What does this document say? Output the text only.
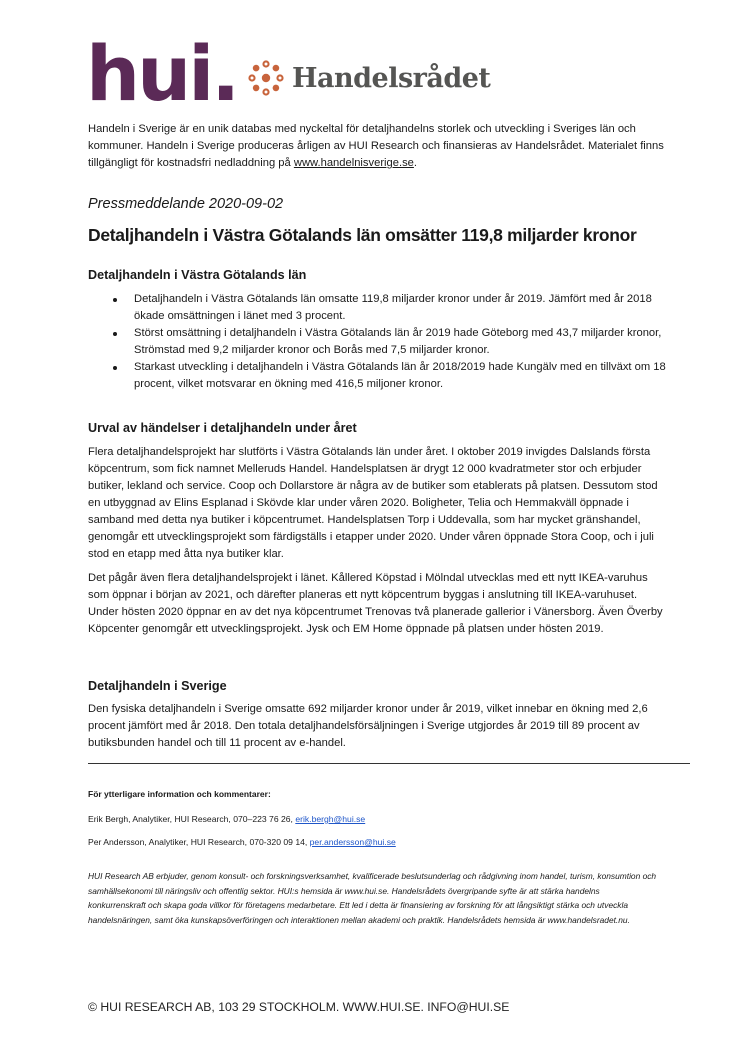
hui. Handelsrådet

Handeln i Sverige är en unik databas med nyckeltal för detaljhandelns storlek och utveckling i Sveriges län och kommuner. Handeln i Sverige produceras årligen av HUI Research och finansieras av Handelsrådet. Materialet finns tillgängligt för kostnadsfri nedladdning på www.handelnisverige.se.

Pressmeddelande 2020-09-02
Detaljhandeln i Västra Götalands län omsätter 119,8 miljarder kronor
Detaljhandeln i Västra Götalands län
Detaljhandeln i Västra Götalands län omsatte 119,8 miljarder kronor under år 2019. Jämfört med år 2018 ökade omsättningen i länet med 3 procent.
Störst omsättning i detaljhandeln i Västra Götalands län år 2019 hade Göteborg med 43,7 miljarder kronor, Strömstad med 9,2 miljarder kronor och Borås med 7,5 miljarder kronor.
Starkast utveckling i detaljhandeln i Västra Götalands län år 2018/2019 hade Kungälv med en tillväxt om 18 procent, vilket motsvarar en ökning med 416,5 miljoner kronor.
Urval av händelser i detaljhandeln under året

Flera detaljhandelsprojekt har slutförts i Västra Götalands län under året. I oktober 2019 invigdes Dalslands första köpcentrum, som fick namnet Melleruds Handel. Handelsplatsen är drygt 12 000 kvadratmeter stor och erbjuder butiker, lekland och service. Coop och Dollarstore är några av de butiker som etablerats på platsen. Dessutom stod en utbyggnad av Elins Esplanad i Skövde klar under våren 2020. Boligheter, Telia och Hemmakväll öppnade i samband med detta nya butiker i köpcentrumet. Handelsplatsen Torp i Uddevalla, som har mycket gränshandel, genomgår ett utvecklingsprojekt som färdigställs i etapper under 2020. Under våren öppnade Stora Coop, och i juli stod en etapp med åtta nya butiker klar.

Det pågår även flera detaljhandelsprojekt i länet. Kållered Köpstad i Mölndal utvecklas med ett nytt IKEA-varuhus som öppnar i början av 2021, och därefter planeras ett nytt köpcentrum byggas i anslutning till IKEA-varuhuset. Under hösten 2020 öppnar en av det nya köpcentrumet Trenovas två planerade gallerior i Vänersborg. Även Överby Köpcenter genomgår ett utvecklingsprojekt. Jysk och EM Home öppnade på platsen under hösten 2019.

Detaljhandeln i Sverige

Den fysiska detaljhandeln i Sverige omsatte 692 miljarder kronor under år 2019, vilket innebar en ökning med 2,6 procent jämfört med år 2018. Den totala detaljhandelsförsäljningen i Sverige utgjordes år 2019 till 89 procent av butiksbunden handel och till 11 procent av e-handel.

För ytterligare information och kommentarer:
Erik Bergh, Analytiker, HUI Research, 070–223 76 26, erik.bergh@hui.se
Per Andersson, Analytiker, HUI Research, 070-320 09 14, per.andersson@hui.se

HUI Research AB erbjuder, genom konsult- och forskningsverksamhet, kvalificerade beslutsunderlag och rådgivning inom handel, turism, konsumtion och samhällsekonomi till näringsliv och offentlig sektor. HUI:s hemsida är www.hui.se. Handelsrådets övergripande syfte är att stärka handelns konkurrenskraft och skapa goda villkor för företagens medarbetare. Ett led i detta är finansiering av forskning för att långsiktigt stärka och utveckla handelsnäringen, samt öka kunskapsöverföringen och interaktionen mellan akademi och praktik. Handelsrådets hemsida är www.handelsradet.nu.

© HUI RESEARCH AB, 103 29 STOCKHOLM. WWW.HUI.SE. INFO@HUI.SE
